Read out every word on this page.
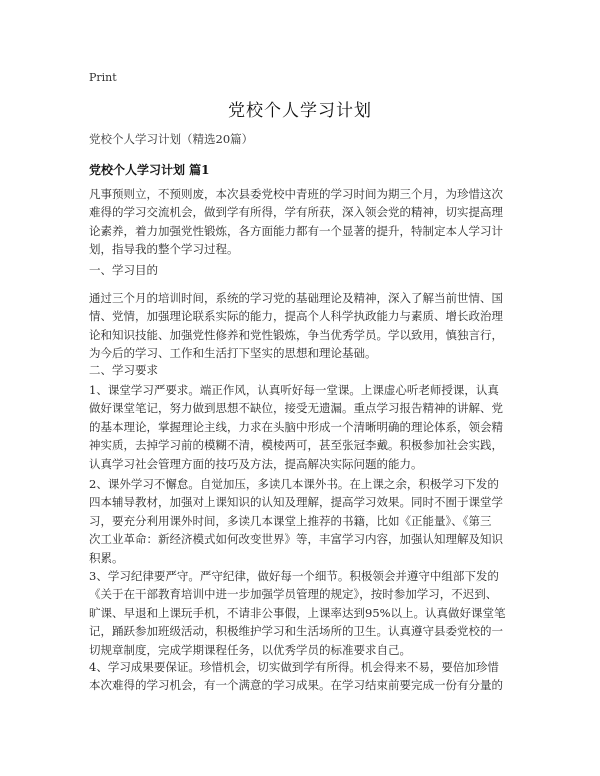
Print
党校个人学习计划
党校个人学习计划（精选20篇）
党校个人学习计划 篇1

凡事预则立，不预则废，本次县委党校中青班的学习时间为期三个月，为珍惜这次
难得的学习交流机会，做到学有所得，学有所获，深入领会党的精神，切实提高理
论素养，着力加强党性锻炼，各方面能力都有一个显著的提升，特制定本人学习计
划，指导我的整个学习过程。

一、学习目的

通过三个月的培训时间，系统的学习党的基础理论及精神，深入了解当前世情、国
情、党情，加强理论联系实际的能力，提高个人科学执政能力与素质、增长政治理
论和知识技能、加强党性修养和党性锻炼，争当优秀学员。学以致用，慎独言行，
为今后的学习、工作和生活打下坚实的思想和理论基础。

二、学习要求

1、课堂学习严要求。端正作风，认真听好每一堂课。上课虚心听老师授课，认真
做好课堂笔记，努力做到思想不缺位，接受无遗漏。重点学习报告精神的讲解、党
的基本理论，掌握理论主线，力求在头脑中形成一个清晰明确的理论体系，领会精
神实质，去掉学习前的模糊不清，模棱两可，甚至张冠李戴。积极参加社会实践，
认真学习社会管理方面的技巧及方法，提高解决实际问题的能力。

2、课外学习不懈怠。自觉加压，多读几本课外书。在上课之余，积极学习下发的
四本辅导教材，加强对上课知识的认知及理解，提高学习效果。同时不囿于课堂学
习，要充分利用课外时间，多读几本课堂上推荐的书籍，比如《正能量》、《第三
次工业革命：新经济模式如何改变世界》等，丰富学习内容，加强认知理解及知识
积累。

3、学习纪律要严守。严守纪律，做好每一个细节。积极领会并遵守中组部下发的
《关于在干部教育培训中进一步加强学员管理的规定》，按时参加学习，不迟到、
旷课、早退和上课玩手机，不请非公事假，上课率达到95%以上。认真做好课堂笔
记，踊跃参加班级活动，积极维护学习和生活场所的卫生。认真遵守县委党校的一
切规章制度，完成学期课程任务，以优秀学员的标准要求自己。

4、学习成果要保证。珍惜机会，切实做到学有所得。机会得来不易，要倍加珍惜
本次难得的学习机会，有一个满意的学习成果。在学习结束前要完成一份有分量的
